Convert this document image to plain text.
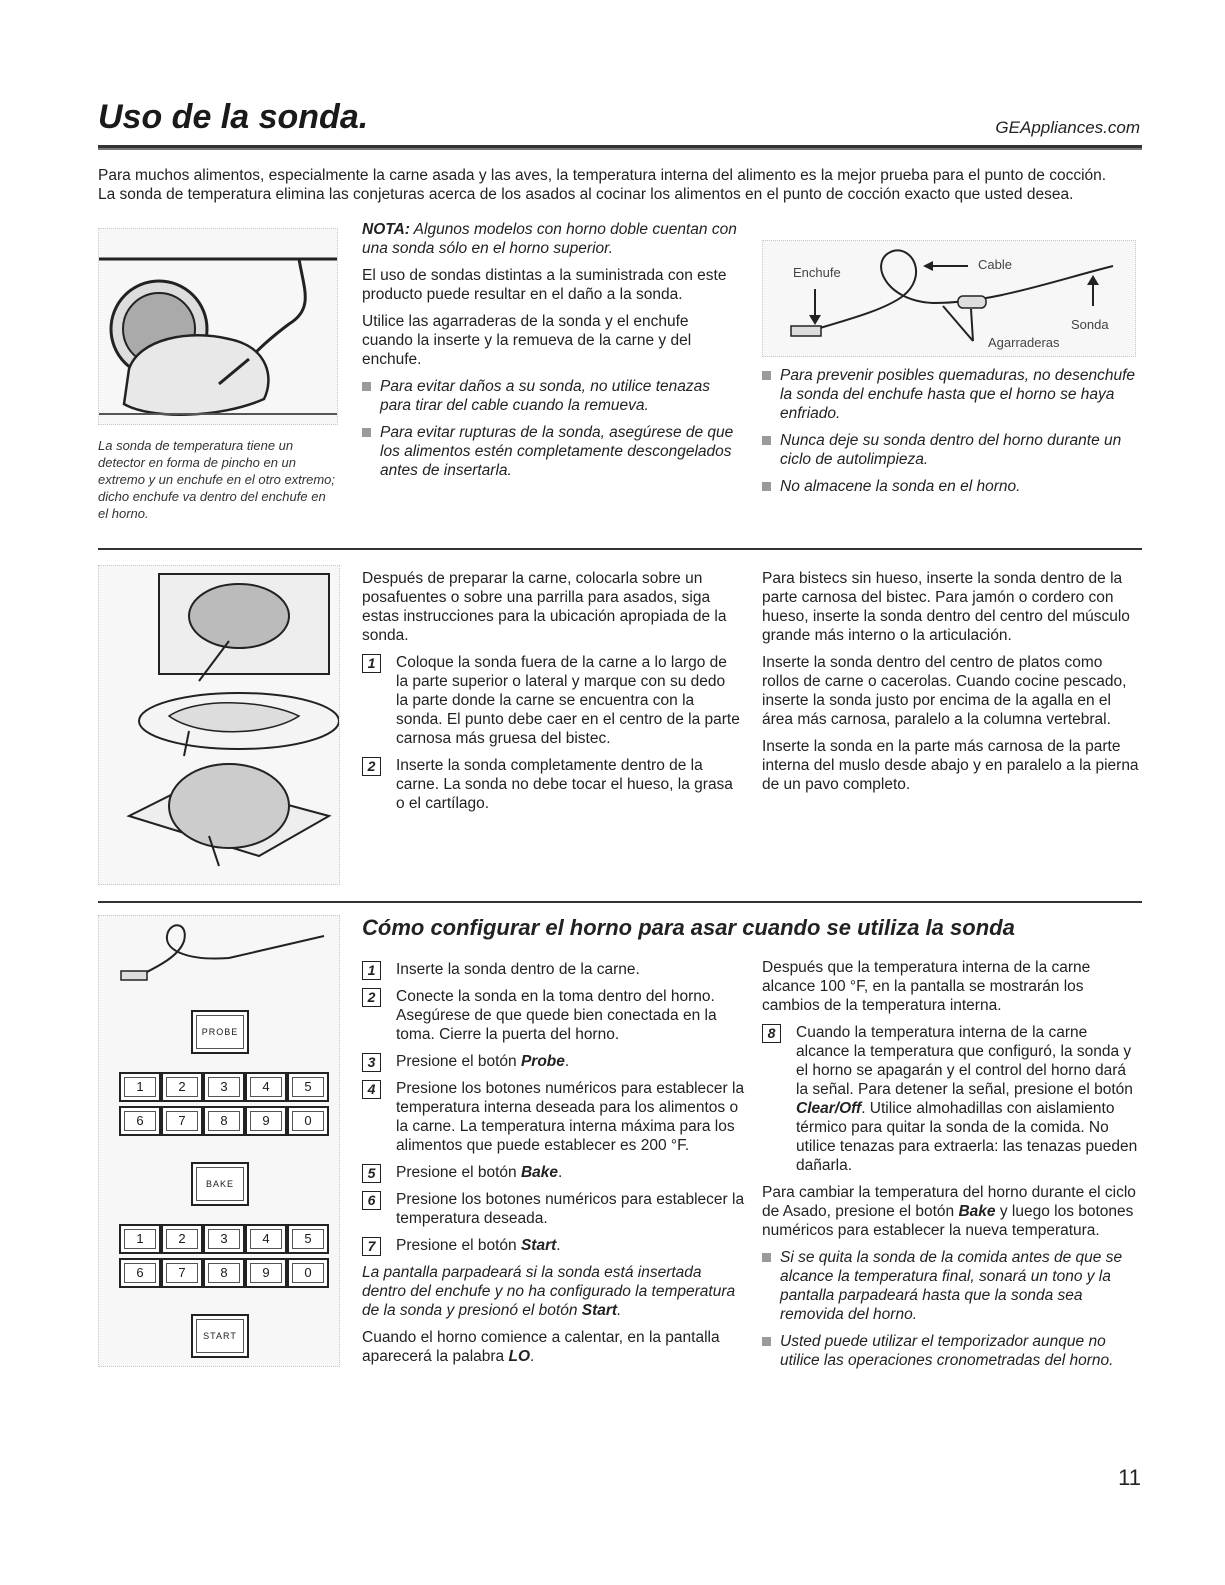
Uso de la sonda.	GEAppliances.com

Para muchos alimentos, especialmente la carne asada y las aves, la temperatura interna del alimento es la mejor prueba para el punto de cocción.

La sonda de temperatura elimina las conjeturas acerca de los asados al cocinar los alimentos en el punto de cocción exacto que usted desea.

La sonda de temperatura tiene un detector en forma de pincho en un extremo y un enchufe en el otro extremo; dicho enchufe va dentro del enchufe en el horno.

NOTA: Algunos modelos con horno doble cuentan con una sonda sólo en el horno superior.

El uso de sondas distintas a la suministrada con este producto puede resultar en el daño a la sonda.

Utilice las agarraderas de la sonda y el enchufe cuando la inserte y la remueva de la carne y del enchufe.

Para evitar daños a su sonda, no utilice tenazas para tirar del cable cuando la remueva.

Para evitar rupturas de la sonda, asegúrese de que los alimentos estén completamente descongelados antes de insertarla.

Enchufe
Cable
Sonda
Agarraderas

Para prevenir posibles quemaduras, no desenchufe la sonda del enchufe hasta que el horno se haya enfriado.

Nunca deje su sonda dentro del horno durante un ciclo de autolimpieza.

No almacene la sonda en el horno.

Después de preparar la carne, colocarla sobre un posafuentes o sobre una parrilla para asados, siga estas instrucciones para la ubicación apropiada de la sonda.

1	Coloque la sonda fuera de la carne a lo largo de la parte superior o lateral y marque con su dedo la parte donde la carne se encuentra con la sonda. El punto debe caer en el centro de la parte carnosa más gruesa del bistec.

2	Inserte la sonda completamente dentro de la carne. La sonda no debe tocar el hueso, la grasa o el cartílago.

Para bistecs sin hueso, inserte la sonda dentro de la parte carnosa del bistec. Para jamón o cordero con hueso, inserte la sonda dentro del centro del músculo grande más interno o la articulación.

Inserte la sonda dentro del centro de platos como rollos de carne o cacerolas. Cuando cocine pescado, inserte la sonda justo por encima de la agalla en el área más carnosa, paralelo a la columna vertebral.

Inserte la sonda en la parte más carnosa de la parte interna del muslo desde abajo y en paralelo a la pierna de un pavo completo.

Cómo configurar el horno para asar cuando se utiliza la sonda
PROBE
1	2	3	4	5
6	7	8	9	0
BAKE
1	2	3	4	5
6	7	8	9	0
START
1	Inserte la sonda dentro de la carne.

2	Conecte la sonda en la toma dentro del horno. Asegúrese de que quede bien conectada en la toma. Cierre la puerta del horno.

3	Presione el botón Probe.

4	Presione los botones numéricos para establecer la temperatura interna deseada para los alimentos o la carne. La temperatura interna máxima para los alimentos que puede establecer es 200 °F.

5	Presione el botón Bake.

6	Presione los botones numéricos para establecer la temperatura deseada.

7	Presione el botón Start.

La pantalla parpadeará si la sonda está insertada dentro del enchufe y no ha configurado la temperatura de la sonda y presionó el botón Start.

Cuando el horno comience a calentar, en la pantalla aparecerá la palabra LO.

Después que la temperatura interna de la carne alcance 100 °F, en la pantalla se mostrarán los cambios de la temperatura interna.

8	Cuando la temperatura interna de la carne alcance la temperatura que configuró, la sonda y el horno se apagarán y el control del horno dará la señal. Para detener la señal, presione el botón Clear/Off. Utilice almohadillas con aislamiento térmico para quitar la sonda de la comida. No utilice tenazas para extraerla: las tenazas pueden dañarla.

Para cambiar la temperatura del horno durante el ciclo de Asado, presione el botón Bake y luego los botones numéricos para establecer la nueva temperatura.

Si se quita la sonda de la comida antes de que se alcance la temperatura final, sonará un tono y la pantalla parpadeará hasta que la sonda sea removida del horno.

Usted puede utilizar el temporizador aunque no utilice las operaciones cronometradas del horno.

11
